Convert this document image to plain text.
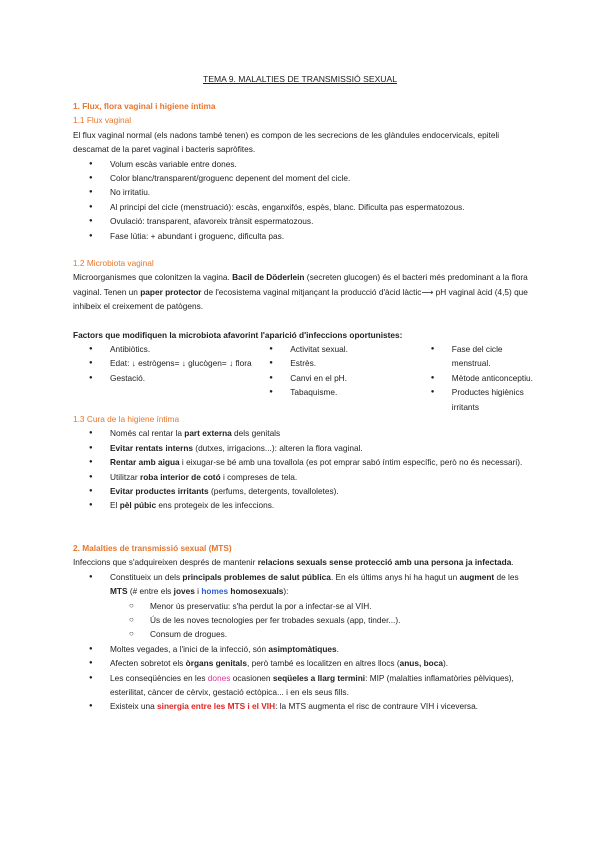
TEMA 9. MALALTIES DE TRANSMISSIÓ SEXUAL
1. Flux, flora vaginal i higiene íntima
1.1 Flux vaginal

El flux vaginal normal (els nadons també tenen) es compon de les secrecions de les glàndules endocervicals, epiteli descamat de la paret vaginal i bacteris sapròfites.

● Volum escàs variable entre dones.
● Color blanc/transparent/groguenc depenent del moment del cicle.
● No irritatiu.
● Al principi del cicle (menstruació): escàs, enganxifós, espès, blanc. Dificulta pas espermatozous.
● Ovulació: transparent, afavoreix trànsit espermatozous.
● Fase lútia: + abundant i groguenc, dificulta pas.
1.2 Microbiota vaginal

Microorganismes que colonitzen la vagina. Bacil de Döderlein (secreten glucogen) és el bacteri més predominant a la flora vaginal. Tenen un paper protector de l'ecosistema vaginal mitjançant la producció d'àcid làctic⟶ pH vaginal àcid (4,5) que inhibeix el creixement de patògens.

Factors que modifiquen la microbiota afavorint l'aparició d'infeccions oportunistes:
● Antibiòtics.
● Edat: ↓ estrògens= ↓ glucògen= ↓ flora
● Gestació.
● Activitat sexual.
● Estrès.
● Canvi en el pH.
● Tabaquisme.
● Fase del cicle menstrual.
● Mètode anticonceptiu.
● Productes higiènics irritants
1.3 Cura de la higiene íntima
● Només cal rentar la part externa dels genitals
● Evitar rentats interns (dutxes, irrigacions...): alteren la flora vaginal.
● Rentar amb aigua i eixugar-se bé amb una tovallola (es pot emprar sabó íntim específic, però no és necessari).
● Utilitzar roba interior de cotó i compreses de tela.
● Evitar productes irritants (perfums, detergents, tovalloletes).
● El pèl púbic ens protegeix de les infeccions.
2. Malalties de transmissió sexual (MTS)

Infeccions que s'adquireixen després de mantenir relacions sexuals sense protecció amb una persona ja infectada.

● Constitueix un dels principals problemes de salut pública. En els últims anys hi ha hagut un augment de les MTS (# entre els joves i homes homosexuals):
○ Menor ús preservatiu: s'ha perdut la por a infectar-se al VIH.
○ Ús de les noves tecnologies per fer trobades sexuals (app, tinder...).
○ Consum de drogues.
● Moltes vegades, a l'inici de la infecció, són asimptomàtiques.
● Afecten sobretot els òrgans genitals, però també es localitzen en altres llocs (anus, boca).
● Les conseqüències en les dones ocasionen seqüeles a llarg termini: MIP (malalties inflamatòries pèlviques), esterilitat, càncer de cèrvix, gestació ectòpica... i en els seus fills.
● Existeix una sinergia entre les MTS i el VIH: la MTS augmenta el risc de contraure VIH i viceversa.
